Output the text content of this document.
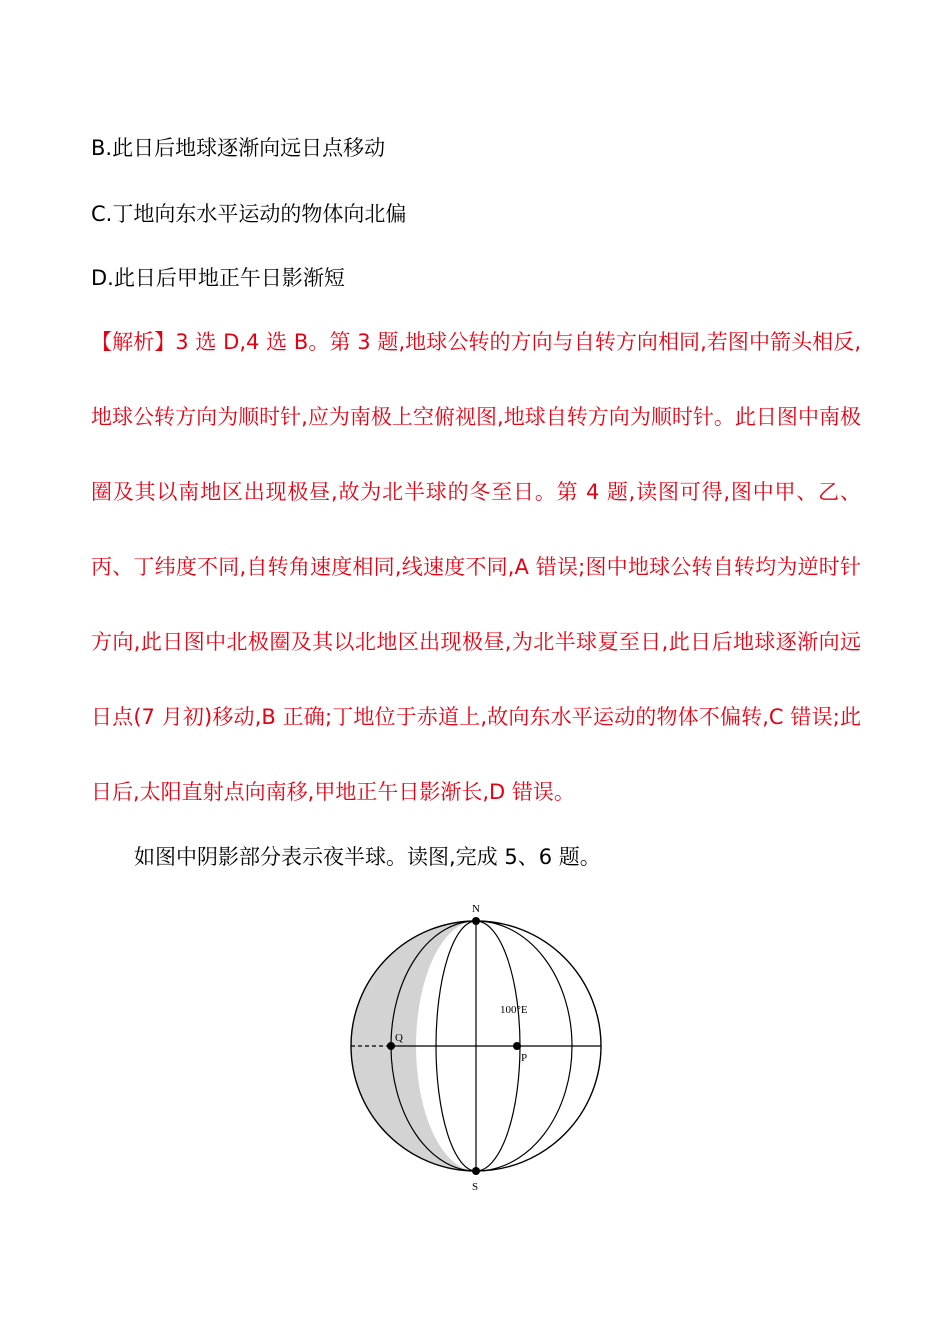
B.此日后地球逐渐向远日点移动
C.丁地向东水平运动的物体向北偏
D.此日后甲地正午日影渐短
【解析】3 选 D,4 选 B。第 3 题,地球公转的方向与自转方向相同,若图中箭头相反,地球公转方向为顺时针,应为南极上空俯视图,地球自转方向为顺时针。此日图中南极圈及其以南地区出现极昼,故为北半球的冬至日。第 4 题,读图可得,图中甲、乙、丙、丁纬度不同,自转角速度相同,线速度不同,A 错误;图中地球公转自转均为逆时针方向,此日图中北极圈及其以北地区出现极昼,为北半球夏至日,此日后地球逐渐向远日点(7 月初)移动,B 正确;丁地位于赤道上,故向东水平运动的物体不偏转,C 错误;此日后,太阳直射点向南移,甲地正午日影渐长,D 错误。
如图中阴影部分表示夜半球。读图,完成 5、6 题。
N
S
Q
P
100°E
